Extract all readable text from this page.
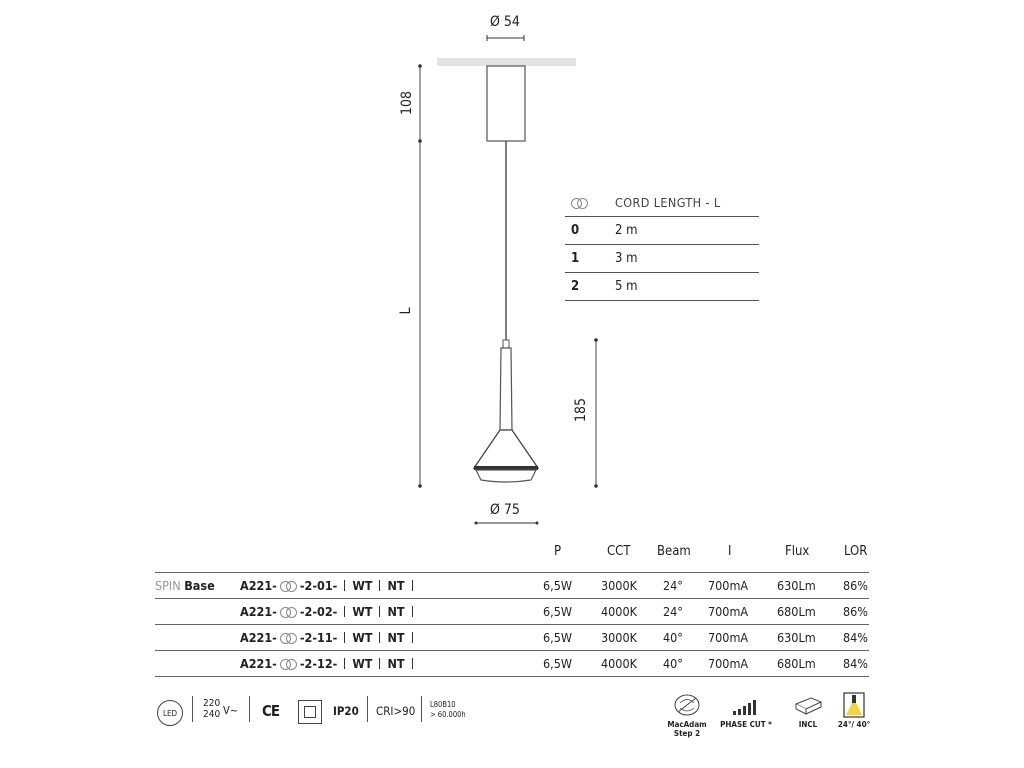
Ø 54
108
L
185
Ø 75
CORD LENGTH - L
0	2 m
1	3 m
2	5 m
P	CCT Beam	I	Flux	LOR
SPIN Base A221- -2-01- WT NT	6,5W 3000K 24° 700mA 630Lm 86%
A221- -2-02- WT NT	6,5W 4000K 24° 700mA 680Lm 86%
A221- -2-11- WT NT	6,5W 3000K 40° 700mA 630Lm 84%
A221- -2-12- WT NT	6,5W 4000K 40° 700mA 680Lm 84%
LED
220
240 V~ CE	IP20 CRI>90 L80B10
> 60.000h
MacAdam
Step 2
PHASE CUT *	INCL	24°/ 40°
